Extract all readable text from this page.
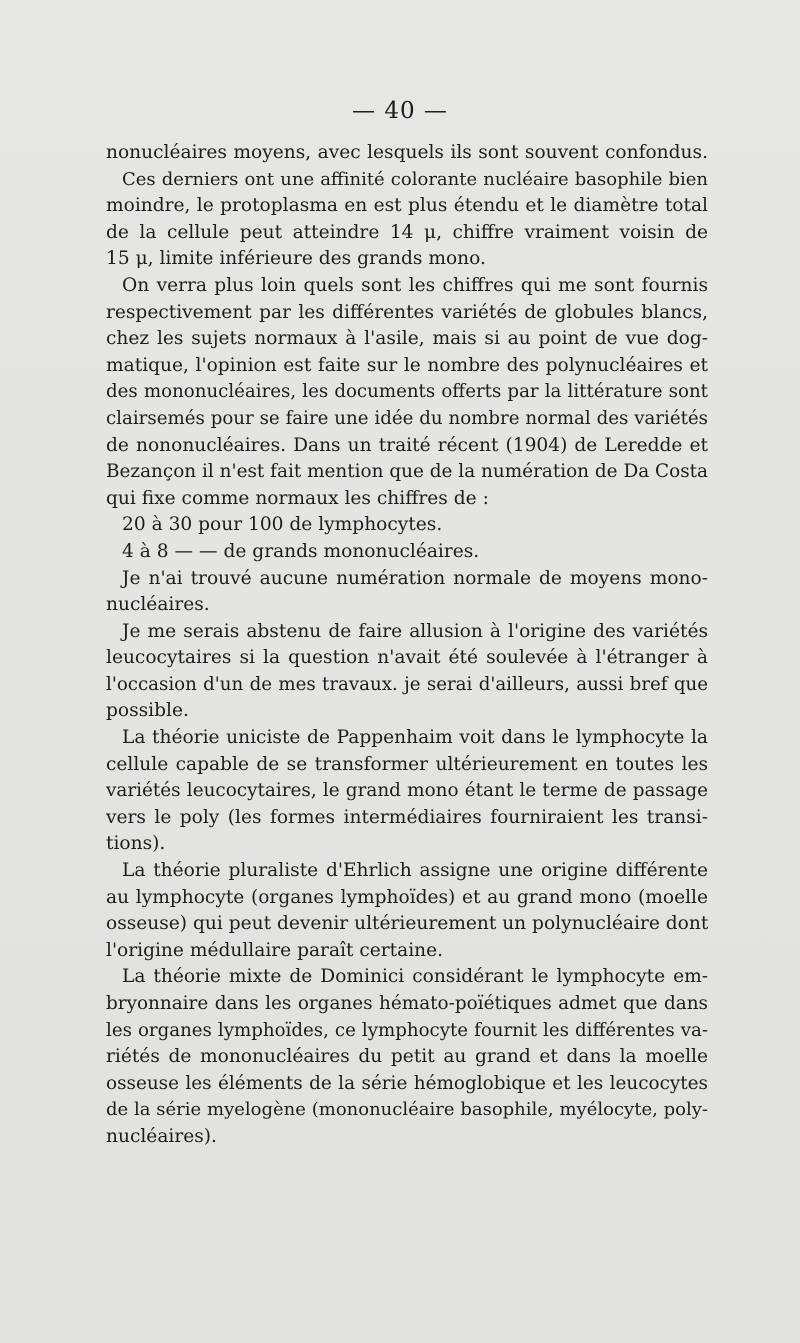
— 40 —
nonucléaires moyens, avec lesquels ils sont souvent confondus.
Ces derniers ont une affinité colorante nucléaire basophile bien
moindre, le protoplasma en est plus étendu et le diamètre total
de la cellule peut atteindre 14 μ, chiffre vraiment voisin de
15 μ, limite inférieure des grands mono.
On verra plus loin quels sont les chiffres qui me sont fournis
respectivement par les différentes variétés de globules blancs,
chez les sujets normaux à l'asile, mais si au point de vue dog-
matique, l'opinion est faite sur le nombre des polynucléaires et
des mononucléaires, les documents offerts par la littérature sont
clairsemés pour se faire une idée du nombre normal des variétés
de nononucléaires. Dans un traité récent (1904) de Leredde et
Bezançon il n'est fait mention que de la numération de Da Costa
qui fixe comme normaux les chiffres de :
20 à 30 pour 100 de lymphocytes.
4 à 8 — — de grands mononucléaires.
Je n'ai trouvé aucune numération normale de moyens mono-
nucléaires.
Je me serais abstenu de faire allusion à l'origine des variétés
leucocytaires si la question n'avait été soulevée à l'étranger à
l'occasion d'un de mes travaux. je serai d'ailleurs, aussi bref que
possible.
La théorie uniciste de Pappenhaim voit dans le lymphocyte la
cellule capable de se transformer ultérieurement en toutes les
variétés leucocytaires, le grand mono étant le terme de passage
vers le poly (les formes intermédiaires fourniraient les transi-
tions).
La théorie pluraliste d'Ehrlich assigne une origine différente
au lymphocyte (organes lymphoïdes) et au grand mono (moelle
osseuse) qui peut devenir ultérieurement un polynucléaire dont
l'origine médullaire paraît certaine.
La théorie mixte de Dominici considérant le lymphocyte em-
bryonnaire dans les organes hémato-poïétiques admet que dans
les organes lymphoïdes, ce lymphocyte fournit les différentes va-
riétés de mononucléaires du petit au grand et dans la moelle
osseuse les éléments de la série hémoglobique et les leucocytes
de la série myelogène (mononucléaire basophile, myélocyte, poly-
nucléaires).
